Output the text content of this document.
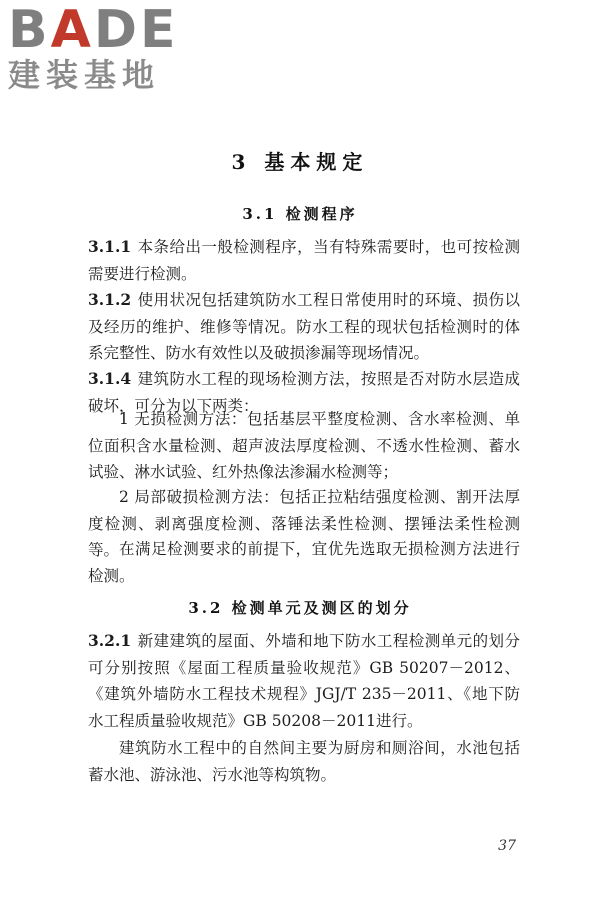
BADE
建装基地
3 基本规定
3.1 检测程序
3.1.1 本条给出一般检测程序，当有特殊需要时，也可按检测需要进行检测。
3.1.2 使用状况包括建筑防水工程日常使用时的环境、损伤以及经历的维护、维修等情况。防水工程的现状包括检测时的体系完整性、防水有效性以及破损渗漏等现场情况。
3.1.4 建筑防水工程的现场检测方法，按照是否对防水层造成破坏，可分为以下两类：
1 无损检测方法：包括基层平整度检测、含水率检测、单位面积含水量检测、超声波法厚度检测、不透水性检测、蓄水试验、淋水试验、红外热像法渗漏水检测等；
2 局部破损检测方法：包括正拉粘结强度检测、割开法厚度检测、剥离强度检测、落锤法柔性检测、摆锤法柔性检测等。 在满足检测要求的前提下，宜优先选取无损检测方法进行检测。
3.2 检测单元及测区的划分
3.2.1 新建建筑的屋面、外墙和地下防水工程检测单元的划分可分别按照《屋面工程质量验收规范》GB 50207－2012、《建筑外墙防水工程技术规程》JGJ/T 235－2011、《地下防水工程质量验收规范》GB 50208－2011进行。
建筑防水工程中的自然间主要为厨房和厕浴间，水池包括蓄水池、游泳池、污水池等构筑物。
37
